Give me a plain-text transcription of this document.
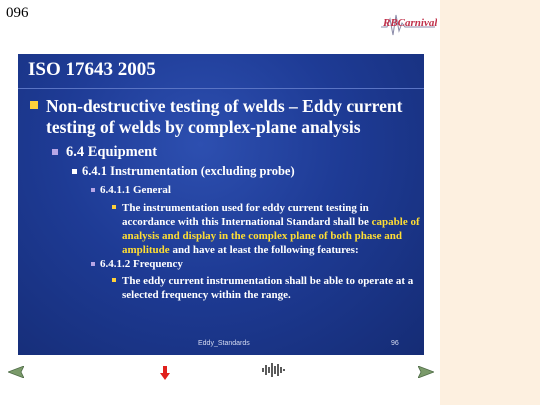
096
RBCarnival
ISO 17643 2005
Non-destructive testing of welds – Eddy current testing of welds by complex-plane analysis
6.4 Equipment
6.4.1 Instrumentation (excluding probe)
6.4.1.1 General
The instrumentation used for eddy current testing in accordance with this International Standard shall be capable of analysis and display in the complex plane of both phase and amplitude and have at least the following features:
6.4.1.2 Frequency
The eddy current instrumentation shall be able to operate at a selected frequency within the range.
Eddy_Standards	96
